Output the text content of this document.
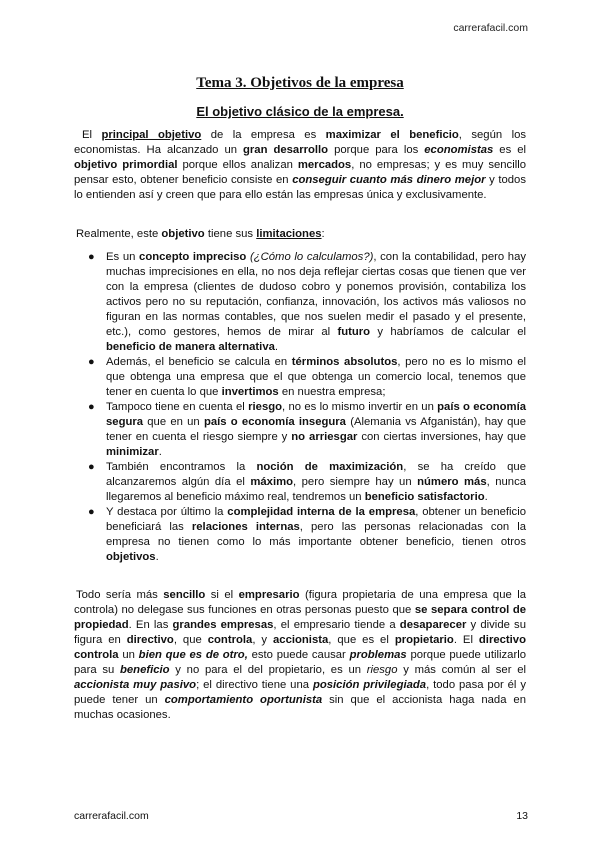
carrerafacil.com
Tema 3. Objetivos de la empresa
El objetivo clásico de la empresa.
El principal objetivo de la empresa es maximizar el beneficio, según los economistas. Ha alcanzado un gran desarrollo porque para los economistas es el objetivo primordial porque ellos analizan mercados, no empresas; y es muy sencillo pensar esto, obtener beneficio consiste en conseguir cuanto más dinero mejor y todos lo entienden así y creen que para ello están las empresas única y exclusivamente.
Realmente, este objetivo tiene sus limitaciones:
● Es un concepto impreciso (¿Cómo lo calculamos?), con la contabilidad, pero hay muchas imprecisiones en ella, no nos deja reflejar ciertas cosas que tienen que ver con la empresa (clientes de dudoso cobro y ponemos provisión, contabiliza los activos pero no su reputación, confianza, innovación, los activos más valiosos no figuran en las normas contables, que nos suelen medir el pasado y el presente, etc.), como gestores, hemos de mirar al futuro y habríamos de calcular el beneficio de manera alternativa.
● Además, el beneficio se calcula en términos absolutos, pero no es lo mismo el que obtenga una empresa que el que obtenga un comercio local, tenemos que tener en cuenta lo que invertimos en nuestra empresa;
● Tampoco tiene en cuenta el riesgo, no es lo mismo invertir en un país o economía segura que en un país o economía insegura (Alemania vs Afganistán), hay que tener en cuenta el riesgo siempre y no arriesgar con ciertas inversiones, hay que minimizar.
● También encontramos la noción de maximización, se ha creído que alcanzaremos algún día el máximo, pero siempre hay un número más, nunca llegaremos al beneficio máximo real, tendremos un beneficio satisfactorio.
● Y destaca por último la complejidad interna de la empresa, obtener un beneficio beneficiará las relaciones internas, pero las personas relacionadas con la empresa no tienen como lo más importante obtener beneficio, tienen otros objetivos.
Todo sería más sencillo si el empresario (figura propietaria de una empresa que la controla) no delegase sus funciones en otras personas puesto que se separa control de propiedad. En las grandes empresas, el empresario tiende a desaparecer y divide su figura en directivo, que controla, y accionista, que es el propietario. El directivo controla un bien que es de otro, esto puede causar problemas porque puede utilizarlo para su beneficio y no para el del propietario, es un riesgo y más común al ser el accionista muy pasivo; el directivo tiene una posición privilegiada, todo pasa por él y puede tener un comportamiento oportunista sin que el accionista haga nada en muchas ocasiones.
carrerafacil.com	13
